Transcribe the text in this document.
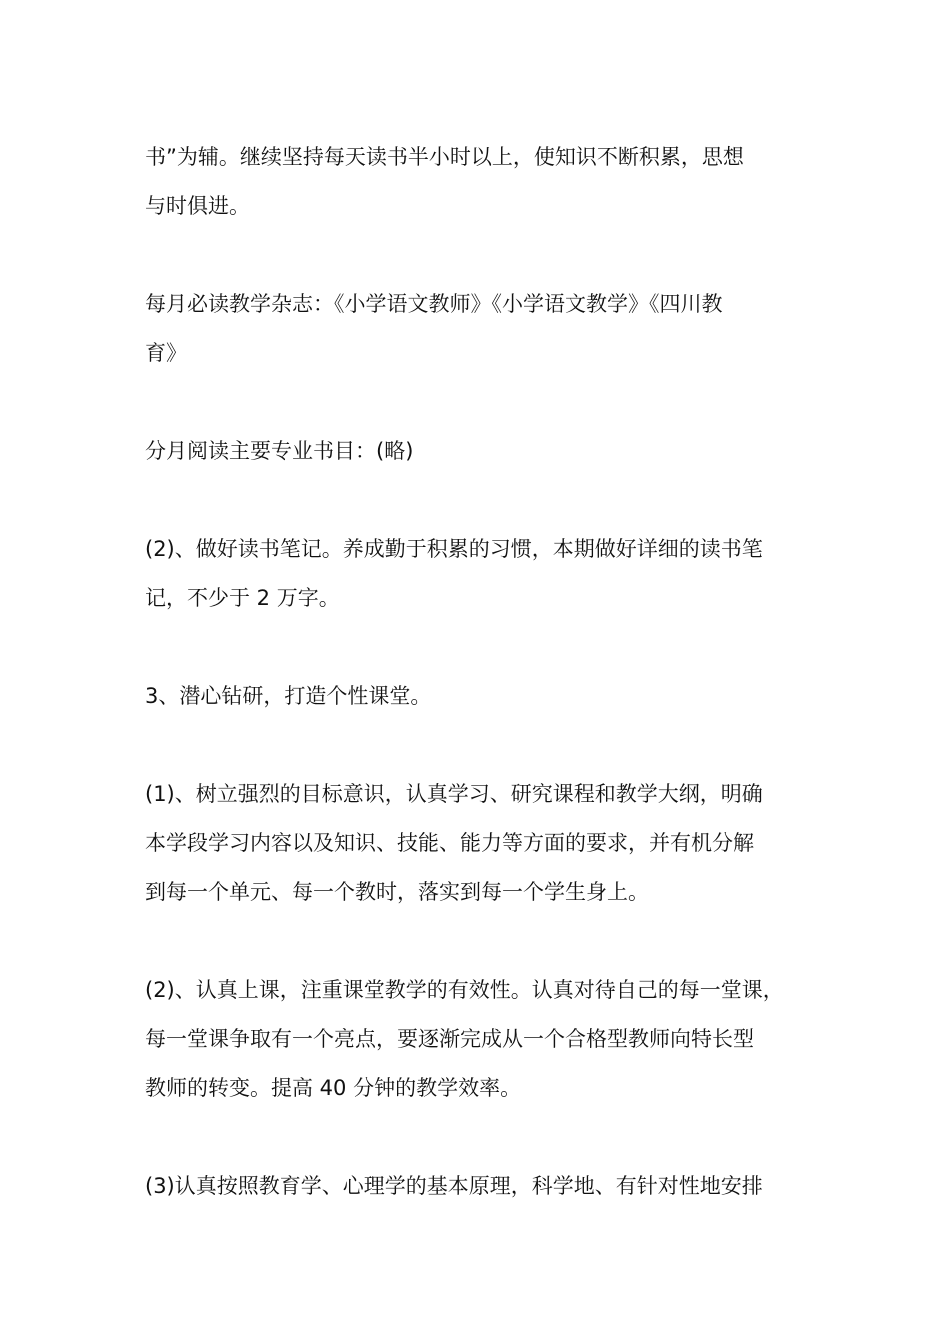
书”为辅。继续坚持每天读书半小时以上，使知识不断积累，思想
与时俱进。

每月必读教学杂志：《小学语文教师》《小学语文教学》《四川教
育》

分月阅读主要专业书目：(略)

(2)、做好读书笔记。养成勤于积累的习惯，本期做好详细的读书笔
记，不少于 2 万字。

3、潜心钻研，打造个性课堂。

(1)、树立强烈的目标意识，认真学习、研究课程和教学大纲，明确
本学段学习内容以及知识、技能、能力等方面的要求，并有机分解
到每一个单元、每一个教时，落实到每一个学生身上。

(2)、认真上课，注重课堂教学的有效性。认真对待自己的每一堂课，
每一堂课争取有一个亮点，要逐渐完成从一个合格型教师向特长型
教师的转变。提高 40 分钟的教学效率。

(3)认真按照教育学、心理学的基本原理，科学地、有针对性地安排
